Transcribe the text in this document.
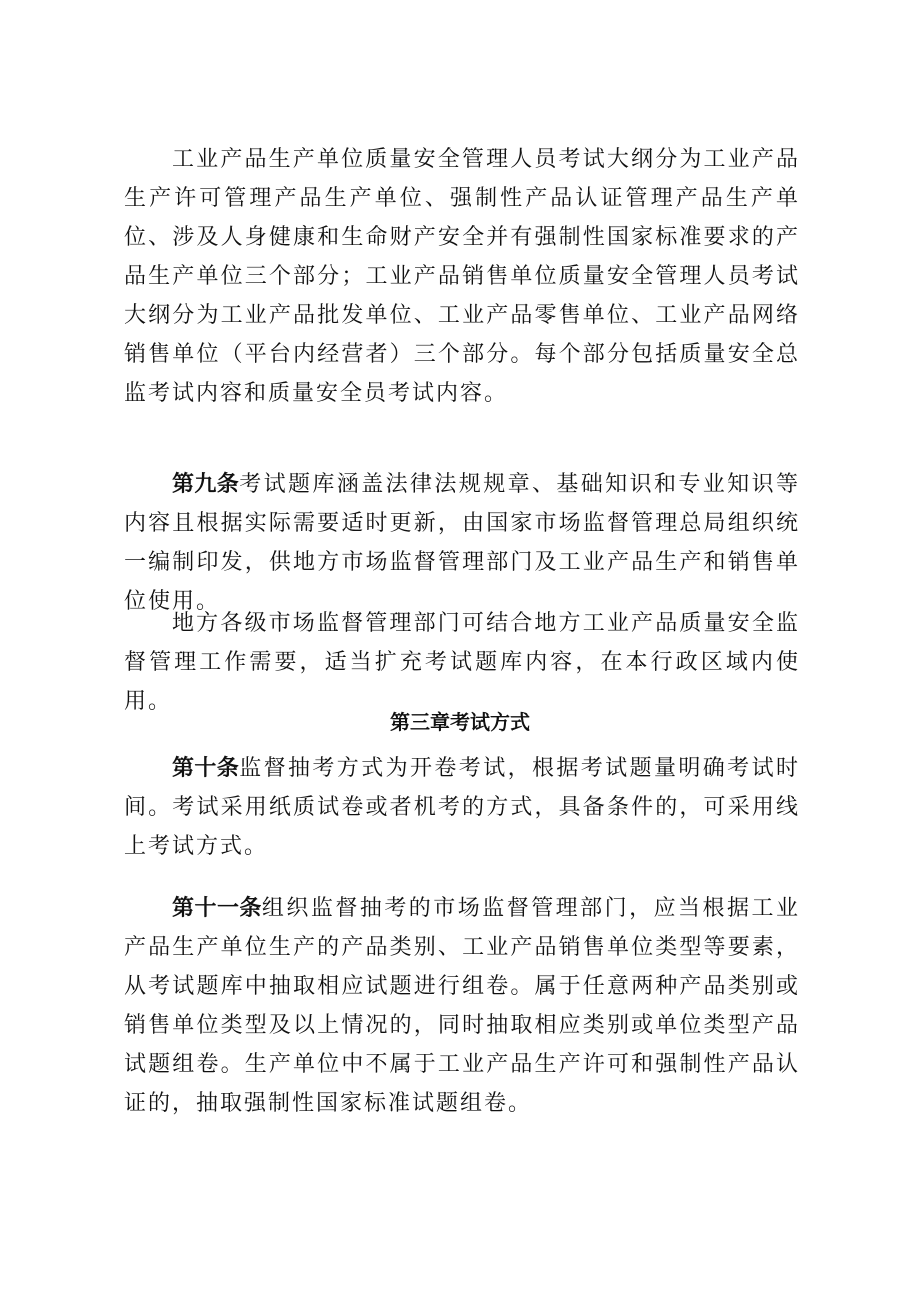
工业产品生产单位质量安全管理人员考试大纲分为工业产品生产许可管理产品生产单位、强制性产品认证管理产品生产单位、涉及人身健康和生命财产安全并有强制性国家标准要求的产品生产单位三个部分；工业产品销售单位质量安全管理人员考试大纲分为工业产品批发单位、工业产品零售单位、工业产品网络销售单位（平台内经营者）三个部分。每个部分包括质量安全总监考试内容和质量安全员考试内容。

第九条考试题库涵盖法律法规规章、基础知识和专业知识等内容且根据实际需要适时更新，由国家市场监督管理总局组织统一编制印发，供地方市场监督管理部门及工业产品生产和销售单位使用。

地方各级市场监督管理部门可结合地方工业产品质量安全监督管理工作需要，适当扩充考试题库内容，在本行政区域内使用。

第三章考试方式

第十条监督抽考方式为开卷考试，根据考试题量明确考试时间。考试采用纸质试卷或者机考的方式，具备条件的，可采用线上考试方式。

第十一条组织监督抽考的市场监督管理部门，应当根据工业产品生产单位生产的产品类别、工业产品销售单位类型等要素，从考试题库中抽取相应试题进行组卷。属于任意两种产品类别或销售单位类型及以上情况的，同时抽取相应类别或单位类型产品试题组卷。生产单位中不属于工业产品生产许可和强制性产品认证的，抽取强制性国家标准试题组卷。
